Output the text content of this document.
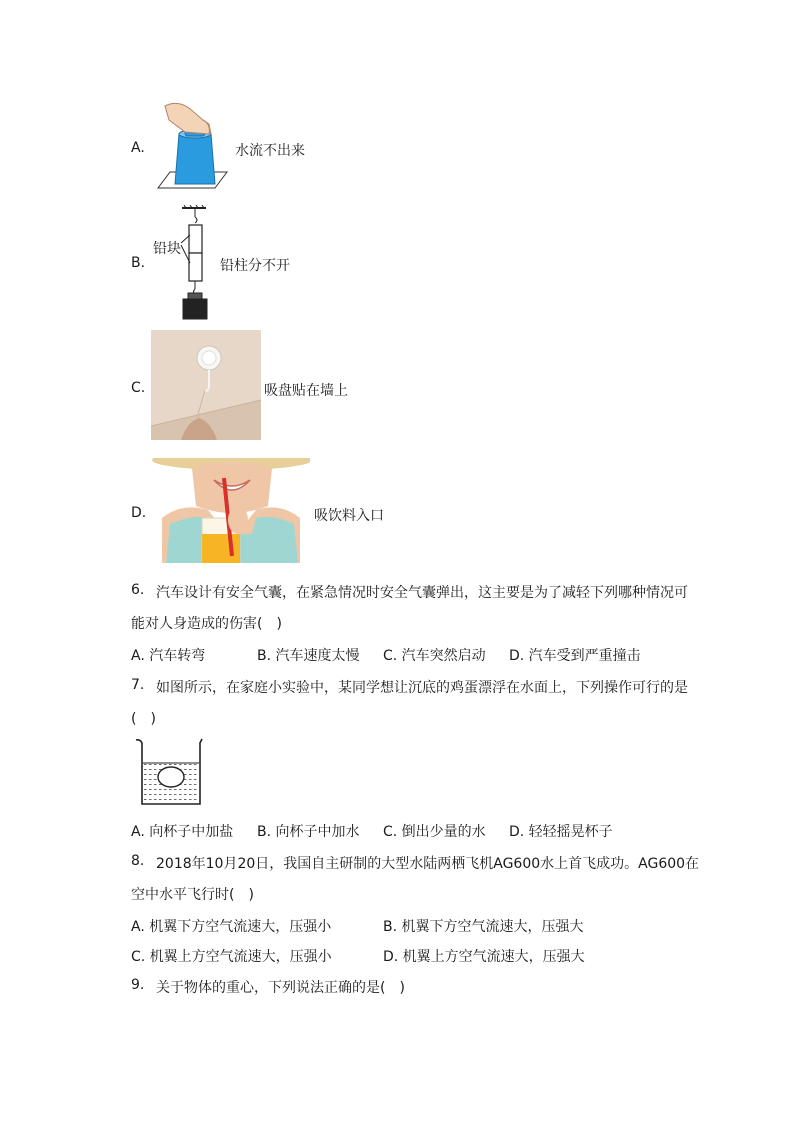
A.	水流不出来
B.
铅块
铅柱分不开
C.	吸盘贴在墙上
D.	吸饮料入口
6. 汽车设计有安全气囊，在紧急情况时安全气囊弹出，这主要是为了减轻下列哪种情况可
能对人身造成的伤害(　)
A. 汽车转弯	B. 汽车速度太慢 C. 汽车突然启动 D. 汽车受到严重撞击
7. 如图所示，在家庭小实验中，某同学想让沉底的鸡蛋漂浮在水面上，下列操作可行的是
(　)
A. 向杯子中加盐 B. 向杯子中加水 C. 倒出少量的水 D. 轻轻摇晃杯子
8. 2018年10月20日，我国自主研制的大型水陆两栖飞机AG600水上首飞成功。AG600在
空中水平飞行时(　)
A. 机翼下方空气流速大，压强小	B. 机翼下方空气流速大，压强大
C. 机翼上方空气流速大，压强小	D. 机翼上方空气流速大，压强大
9. 关于物体的重心，下列说法正确的是(　)
